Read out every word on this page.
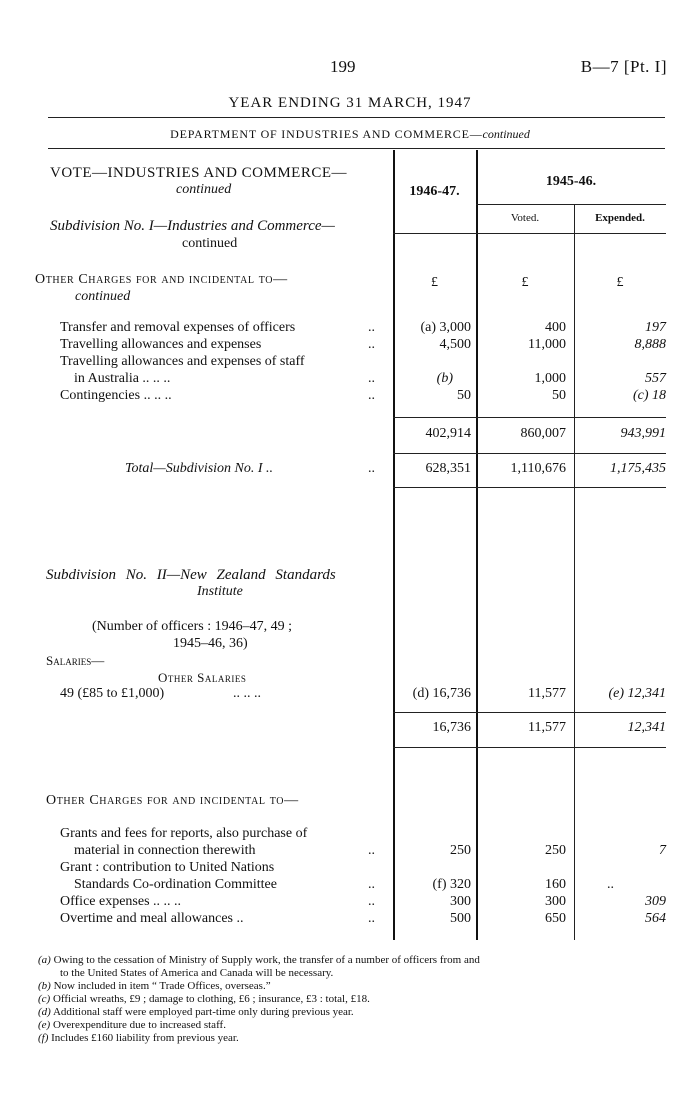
199	B—7 [Pt. I]
YEAR ENDING 31 MARCH, 1947
DEPARTMENT OF INDUSTRIES AND COMMERCE—continued
1946-47.
1945-46.
Voted.	Expended.
VOTE—INDUSTRIES AND COMMERCE—
continued
Subdivision No. I—Industries and Commerce—
continued
Other Charges for and incidental to—
continued
£	£	£
Transfer and removal expenses of officers	..	(a) 3,000	400	197
Travelling allowances and expenses	..	4,500	11,000	8,888
Travelling allowances and expenses of staff
in Australia .. .. ..	..	(b)	1,000	557
Contingencies .. .. ..	..	50	50	(c) 18
402,914	860,007	943,991
Total—Subdivision No. I ..	..	628,351	1,110,676	1,175,435
Subdivision No. II—New Zealand Standards
Institute
(Number of officers : 1946–47, 49 ;
1945–46, 36)
Salaries—
Other Salaries
49 (£85 to £1,000)	.. .. ..	(d) 16,736	11,577	(e) 12,341
16,736	11,577	12,341
Other Charges for and incidental to—
Grants and fees for reports, also purchase of
material in connection therewith	..	250	250	7
Grant : contribution to United Nations
Standards Co-ordination Committee	..	(f) 320	160	..
Office expenses .. .. ..	..	300	300	309
Overtime and meal allowances ..	..	500	650	564
(a) Owing to the cessation of Ministry of Supply work, the transfer of a number of officers from and
to the United States of America and Canada will be necessary.
(b) Now included in item “ Trade Offices, overseas.”
(c) Official wreaths, £9 ; damage to clothing, £6 ; insurance, £3 : total, £18.
(d) Additional staff were employed part-time only during previous year.
(e) Overexpenditure due to increased staff.
(f) Includes £160 liability from previous year.
